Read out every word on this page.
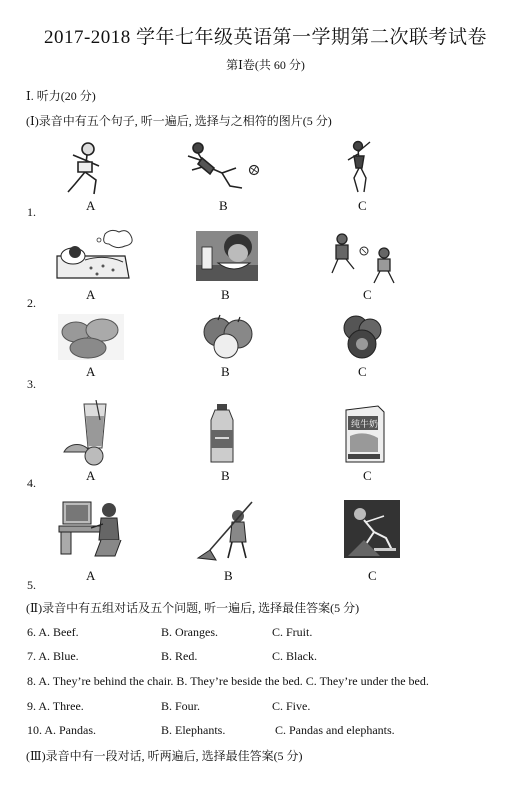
2017-2018 学年七年级英语第一学期第二次联考试卷
第Ⅰ卷(共 60 分)
Ⅰ. 听力(20 分)
(Ⅰ)录音中有五个句子, 听一遍后, 选择与之相符的图片(5 分)
1.	A	B	C
2.
A	B	C
3.
A	B	C
4.	A	B
纯牛奶
C
5.
A	B	C
(Ⅱ)录音中有五组对话及五个问题, 听一遍后, 选择最佳答案(5 分)
6. A. Beef.	B. Oranges.	C. Fruit.
7. A. Blue.	B. Red.	C. Black.
8. A. They’re behind the chair. B. They’re beside the bed. C. They’re under the bed.
9. A. Three.	B. Four.	C. Five.
10. A. Pandas.	B. Elephants.	C. Pandas and elephants.
(Ⅲ)录音中有一段对话, 听两遍后, 选择最佳答案(5 分)
